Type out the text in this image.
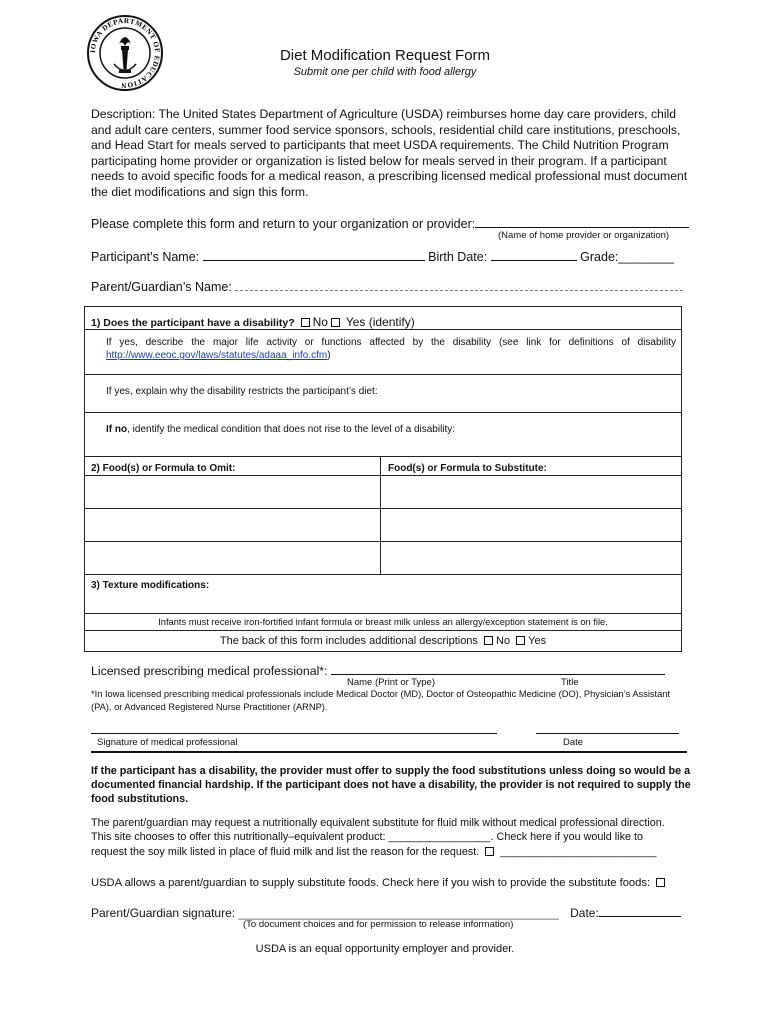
IOWA DEPARTMENT OF EDUCATION
Diet Modification Request Form
Submit one per child with food allergy
Description: The United States Department of Agriculture (USDA) reimburses home day care providers, child and adult care centers, summer food service sponsors, schools, residential child care institutions, preschools, and Head Start for meals served to participants that meet USDA requirements. The Child Nutrition Program participating home provider or organization is listed below for meals served in their program. If a participant needs to avoid specific foods for a medical reason, a prescribing licensed medical professional must document the diet modifications and sign this form.
Please complete this form and return to your organization or provider:
(Name of home provider or organization)
Participant’s Name:	Birth Date:	Grade:________
Parent/Guardian’s Name:
1) Does the participant have a disability? No Yes (identify)
If yes, describe the major life activity or functions affected by the disability (see link for definitions of disability http://www.eeoc.gov/laws/statutes/adaaa_info.cfm)
If yes, explain why the disability restricts the participant’s diet:
If no, identify the medical condition that does not rise to the level of a disability:
2) Food(s) or Formula to Omit:	Food(s) or Formula to Substitute:
3) Texture modifications:
Infants must receive iron-fortified infant formula or breast milk unless an allergy/exception statement is on file.
The back of this form includes additional descriptions No Yes
Licensed prescribing medical professional*:
Name (Print or Type)	Title
*In Iowa licensed prescribing medical professionals include Medical Doctor (MD), Doctor of Osteopathic Medicine (DO), Physician’s Assistant (PA), or Advanced Registered Nurse Practitioner (ARNP).
Signature of medical professional	Date
If the participant has a disability, the provider must offer to supply the food substitutions unless doing so would be a documented financial hardship. If the participant does not have a disability, the provider is not required to supply the food substitutions.
The parent/guardian may request a nutritionally equivalent substitute for fluid milk without medical professional direction.
This site chooses to offer this nutritionally–equivalent product: _________________. Check here if you would like to
request the soy milk listed in place of fluid milk and list the reason for the request. __________________________
USDA allows a parent/guardian to supply substitute foods. Check here if you wish to provide the substitute foods:
Parent/Guardian signature: ________________________________________________ Date:
(To document choices and for permission to release information)
USDA is an equal opportunity employer and provider.
